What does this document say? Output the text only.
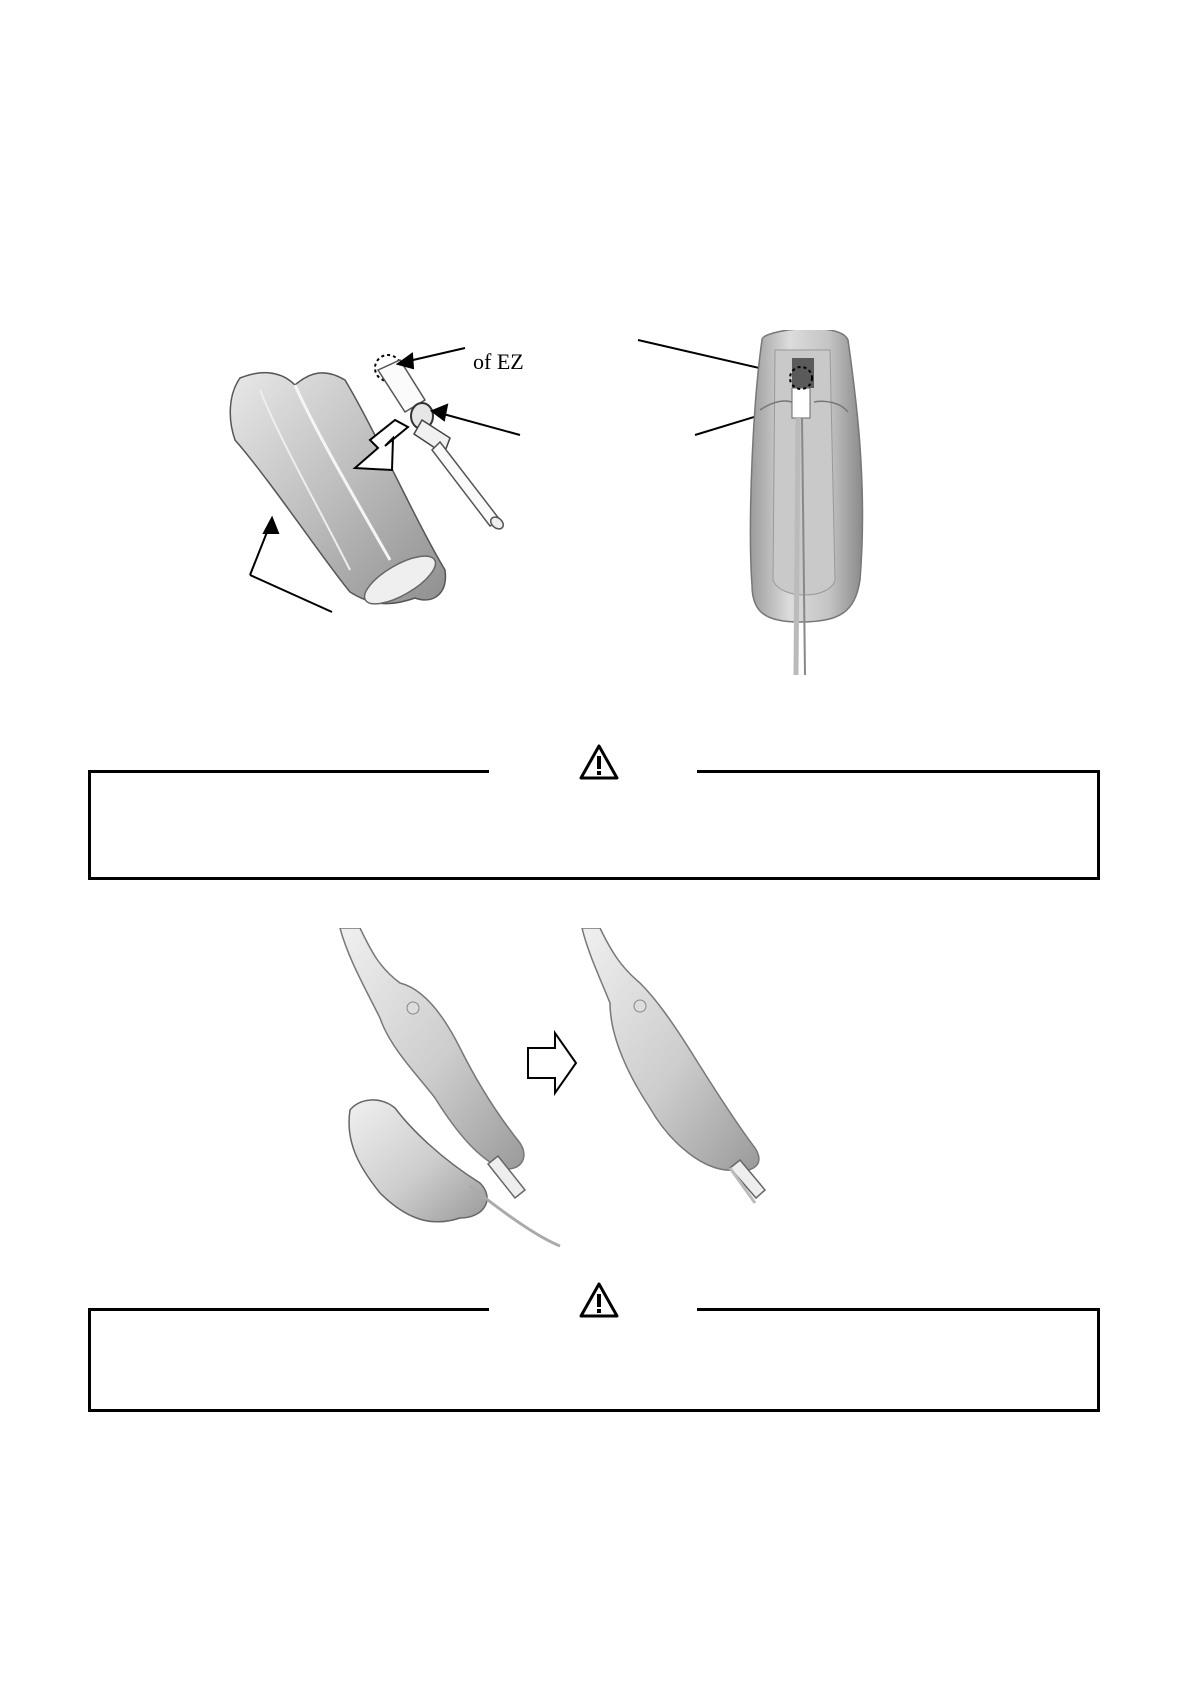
of EZ
